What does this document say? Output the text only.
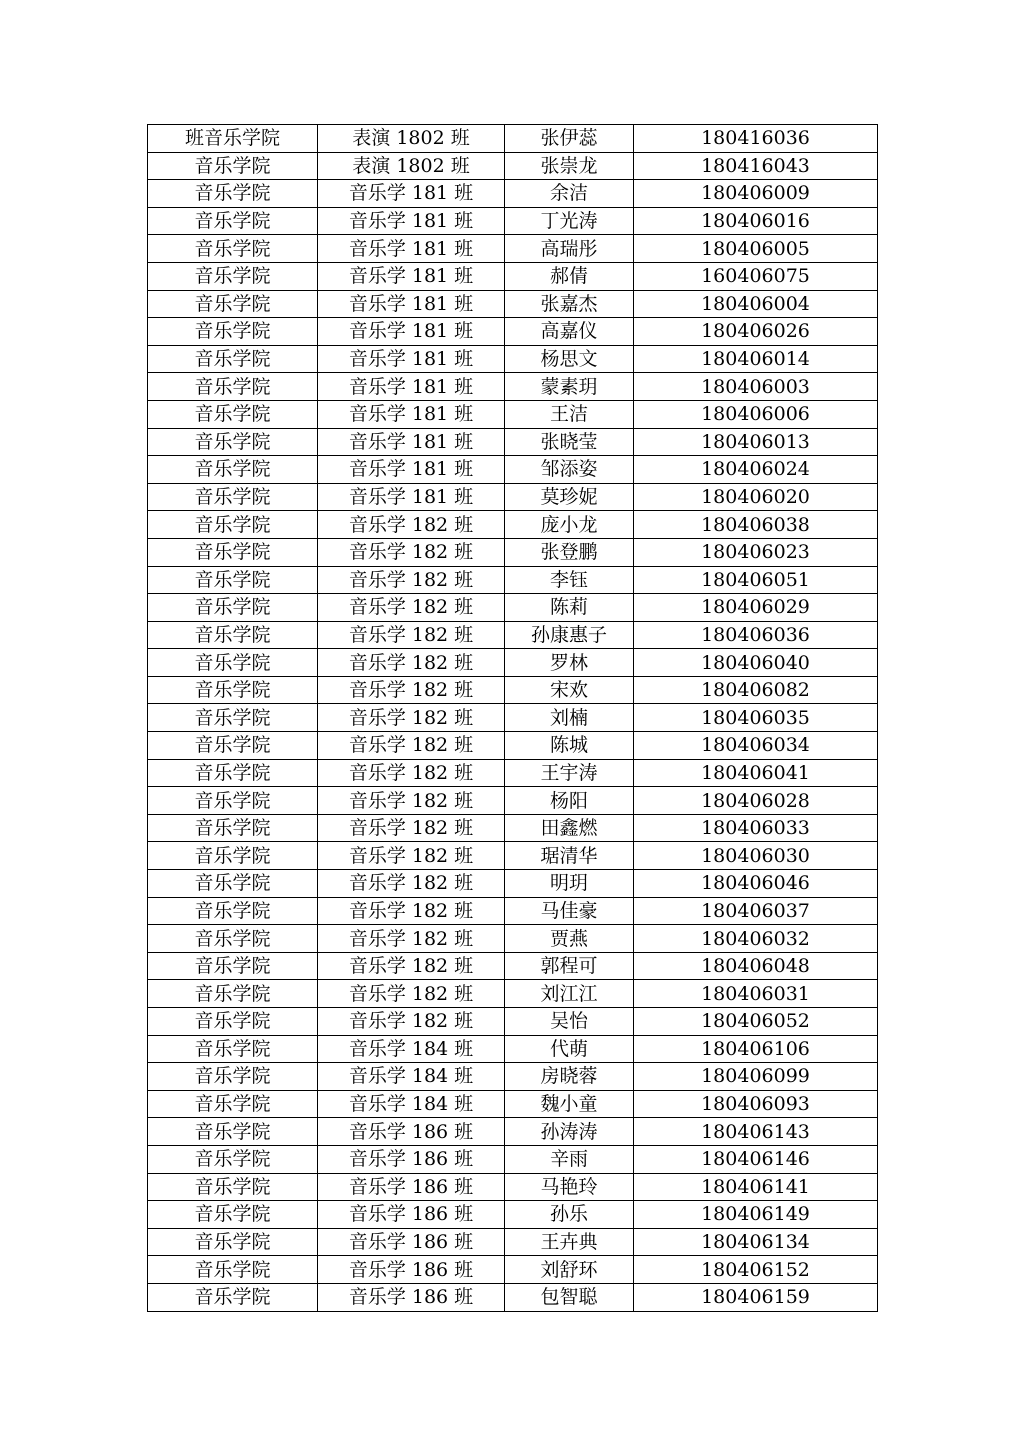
班音乐学院	表演 1802 班	张伊蕊	180416036
音乐学院	表演 1802 班	张崇龙	180416043
音乐学院	音乐学 181 班	余洁	180406009
音乐学院	音乐学 181 班	丁光涛	180406016
音乐学院	音乐学 181 班	高瑞彤	180406005
音乐学院	音乐学 181 班	郝倩	160406075
音乐学院	音乐学 181 班	张嘉杰	180406004
音乐学院	音乐学 181 班	高嘉仪	180406026
音乐学院	音乐学 181 班	杨思文	180406014
音乐学院	音乐学 181 班	蒙素玥	180406003
音乐学院	音乐学 181 班	王洁	180406006
音乐学院	音乐学 181 班	张晓莹	180406013
音乐学院	音乐学 181 班	邹添姿	180406024
音乐学院	音乐学 181 班	莫珍妮	180406020
音乐学院	音乐学 182 班	庞小龙	180406038
音乐学院	音乐学 182 班	张登鹏	180406023
音乐学院	音乐学 182 班	李钰	180406051
音乐学院	音乐学 182 班	陈莉	180406029
音乐学院	音乐学 182 班	孙康惠子	180406036
音乐学院	音乐学 182 班	罗林	180406040
音乐学院	音乐学 182 班	宋欢	180406082
音乐学院	音乐学 182 班	刘楠	180406035
音乐学院	音乐学 182 班	陈城	180406034
音乐学院	音乐学 182 班	王宇涛	180406041
音乐学院	音乐学 182 班	杨阳	180406028
音乐学院	音乐学 182 班	田鑫燃	180406033
音乐学院	音乐学 182 班	琚清华	180406030
音乐学院	音乐学 182 班	明玥	180406046
音乐学院	音乐学 182 班	马佳豪	180406037
音乐学院	音乐学 182 班	贾燕	180406032
音乐学院	音乐学 182 班	郭程可	180406048
音乐学院	音乐学 182 班	刘江江	180406031
音乐学院	音乐学 182 班	吴怡	180406052
音乐学院	音乐学 184 班	代萌	180406106
音乐学院	音乐学 184 班	房晓蓉	180406099
音乐学院	音乐学 184 班	魏小童	180406093
音乐学院	音乐学 186 班	孙涛涛	180406143
音乐学院	音乐学 186 班	辛雨	180406146
音乐学院	音乐学 186 班	马艳玲	180406141
音乐学院	音乐学 186 班	孙乐	180406149
音乐学院	音乐学 186 班	王卉典	180406134
音乐学院	音乐学 186 班	刘舒环	180406152
音乐学院	音乐学 186 班	包智聪	180406159
